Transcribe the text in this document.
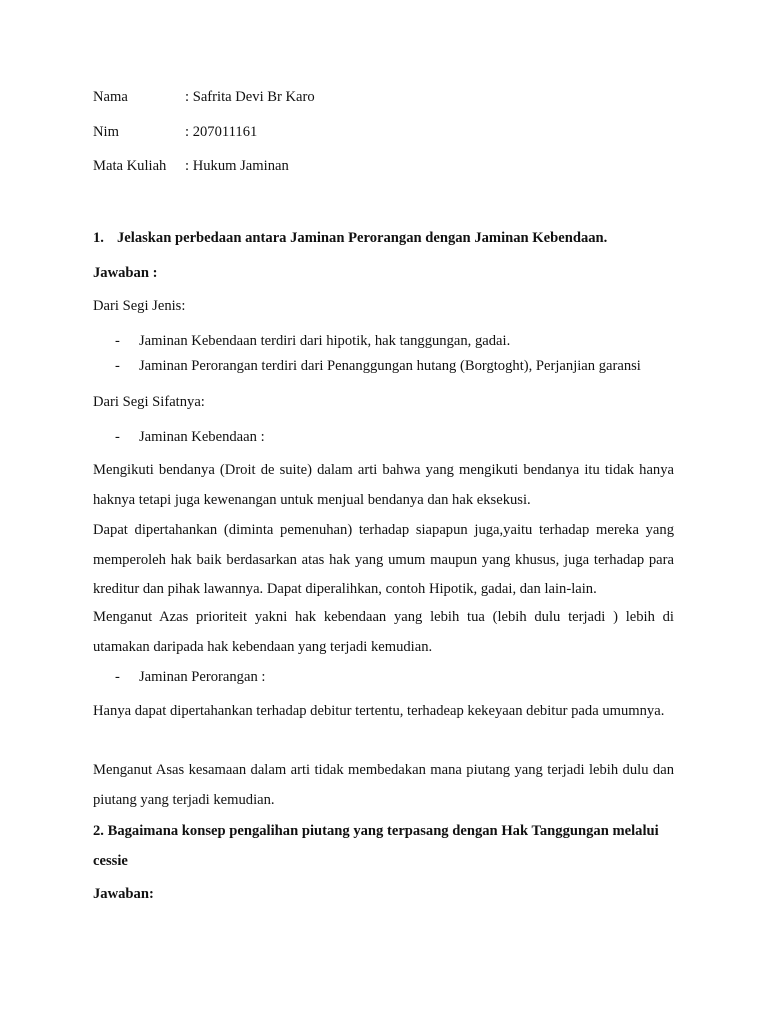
Nama	: Safrita Devi Br Karo
Nim	: 207011161
Mata Kuliah : Hukum Jaminan
1. Jelaskan perbedaan antara Jaminan Perorangan dengan Jaminan Kebendaan.
Jawaban :
Dari Segi Jenis:
- Jaminan Kebendaan terdiri dari hipotik, hak tanggungan, gadai.
- Jaminan Perorangan terdiri dari Penanggungan hutang (Borgtoght), Perjanjian garansi
Dari Segi Sifatnya:
- Jaminan Kebendaan :
Mengikuti bendanya (Droit de suite) dalam arti bahwa yang mengikuti bendanya itu tidak hanya haknya tetapi juga kewenangan untuk menjual bendanya dan hak eksekusi.
Dapat dipertahankan (diminta pemenuhan) terhadap siapapun juga,yaitu terhadap mereka yang memperoleh hak baik berdasarkan atas hak yang umum maupun yang khusus, juga terhadap para kreditur dan pihak lawannya. Dapat diperalihkan, contoh Hipotik, gadai, dan lain-lain.
Menganut Azas prioriteit yakni hak kebendaan yang lebih tua (lebih dulu terjadi ) lebih di utamakan daripada hak kebendaan yang terjadi kemudian.
- Jaminan Perorangan :
Hanya dapat dipertahankan terhadap debitur tertentu, terhadeap kekeyaan debitur pada umumnya.
Menganut Asas kesamaan dalam arti tidak membedakan mana piutang yang terjadi lebih dulu dan piutang yang terjadi kemudian.
2. Bagaimana konsep pengalihan piutang yang terpasang dengan Hak Tanggungan melalui cessie
Jawaban:
